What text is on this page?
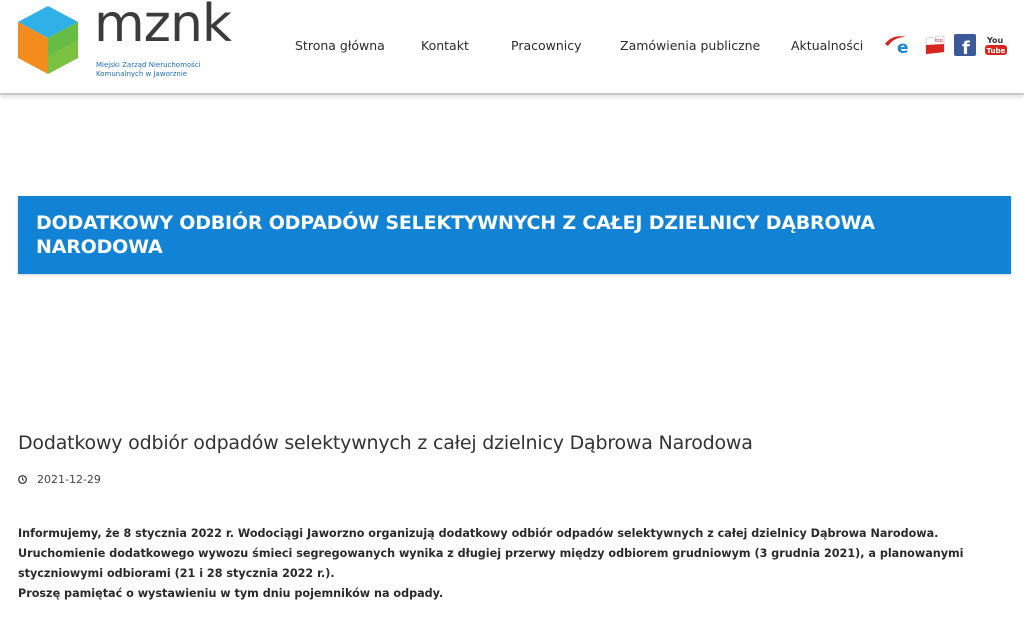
mznk
Miejski Zarząd Nieruchomości
Komunalnych w Jaworznie
Strona główna	Kontakt	Pracownicy	Zamówienia publiczne Aktualności e	bip f You
Tube
DODATKOWY ODBIÓR ODPADÓW SELEKTYWNYCH Z CAŁEJ DZIELNICY DĄBROWA NARODOWA
Dodatkowy odbiór odpadów selektywnych z całej dzielnicy Dąbrowa Narodowa
2021-12-29

Informujemy, że 8 stycznia 2022 r. Wodociągi Jaworzno organizują dodatkowy odbiór odpadów selektywnych z całej dzielnicy Dąbrowa Narodowa. Uruchomienie dodatkowego wywozu śmieci segregowanych wynika z długiej przerwy między odbiorem grudniowym (3 grudnia 2021), a planowanymi styczniowymi odbiorami (21 i 28 stycznia 2022 r.).

Proszę pamiętać o wystawieniu w tym dniu pojemników na odpady.
